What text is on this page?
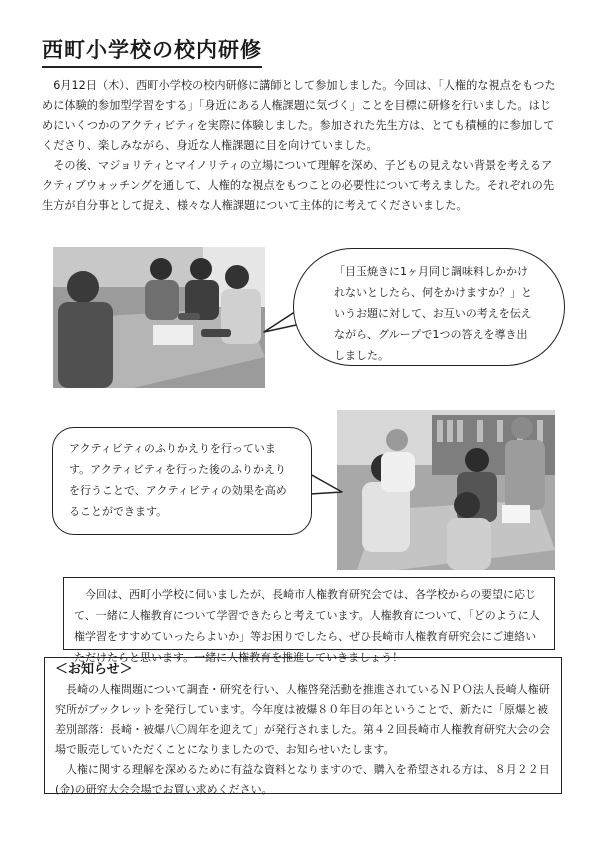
西町小学校の校内研修

6月12日（木）、西町小学校の校内研修に講師として参加しました。今回は、「人権的な視点をもつために体験的参加型学習をする」「身近にある人権課題に気づく」ことを目標に研修を行いました。はじめにいくつかのアクティビティを実際に体験しました。参加された先生方は、とても積極的に参加してくださり、楽しみながら、身近な人権課題に目を向けていました。

その後、マジョリティとマイノリティの立場について理解を深め、子どもの見えない背景を考えるアクティブウォッチングを通して、人権的な視点をもつことの必要性について考えました。それぞれの先生方が自分事として捉え、様々な人権課題について主体的に考えてくださいました。

「目玉焼きに1ヶ月同じ調味料しかかけれないとしたら、何をかけますか？」というお題に対して、お互いの考えを伝えながら、グループで1つの答えを導き出しました。
アクティビティのふりかえりを行っています。アクティビティを行った後のふりかえりを行うことで、アクティビティの効果を高めることができます。

今回は、西町小学校に伺いましたが、長崎市人権教育研究会では、各学校からの要望に応じて、一緒に人権教育について学習できたらと考えています。人権教育について、「どのように人権学習をすすめていったらよいか」等お困りでしたら、ぜひ長崎市人権教育研究会にご連絡いただけたらと思います。一緒に人権教育を推進していきましょう！

＜お知らせ＞

長崎の人権問題について調査・研究を行い、人権啓発活動を推進されているＮＰＯ法人長崎人権研究所がブックレットを発行しています。今年度は被爆８０年目の年ということで、新たに「原爆と被差別部落：長崎・被爆八〇周年を迎えて」が発行されました。第４２回長崎市人権教育研究大会の会場で販売していただくことになりましたので、お知らせいたします。

人権に関する理解を深めるために有益な資料となりますので、購入を希望される方は、８月２２日(金)の研究大会会場でお買い求めください。
